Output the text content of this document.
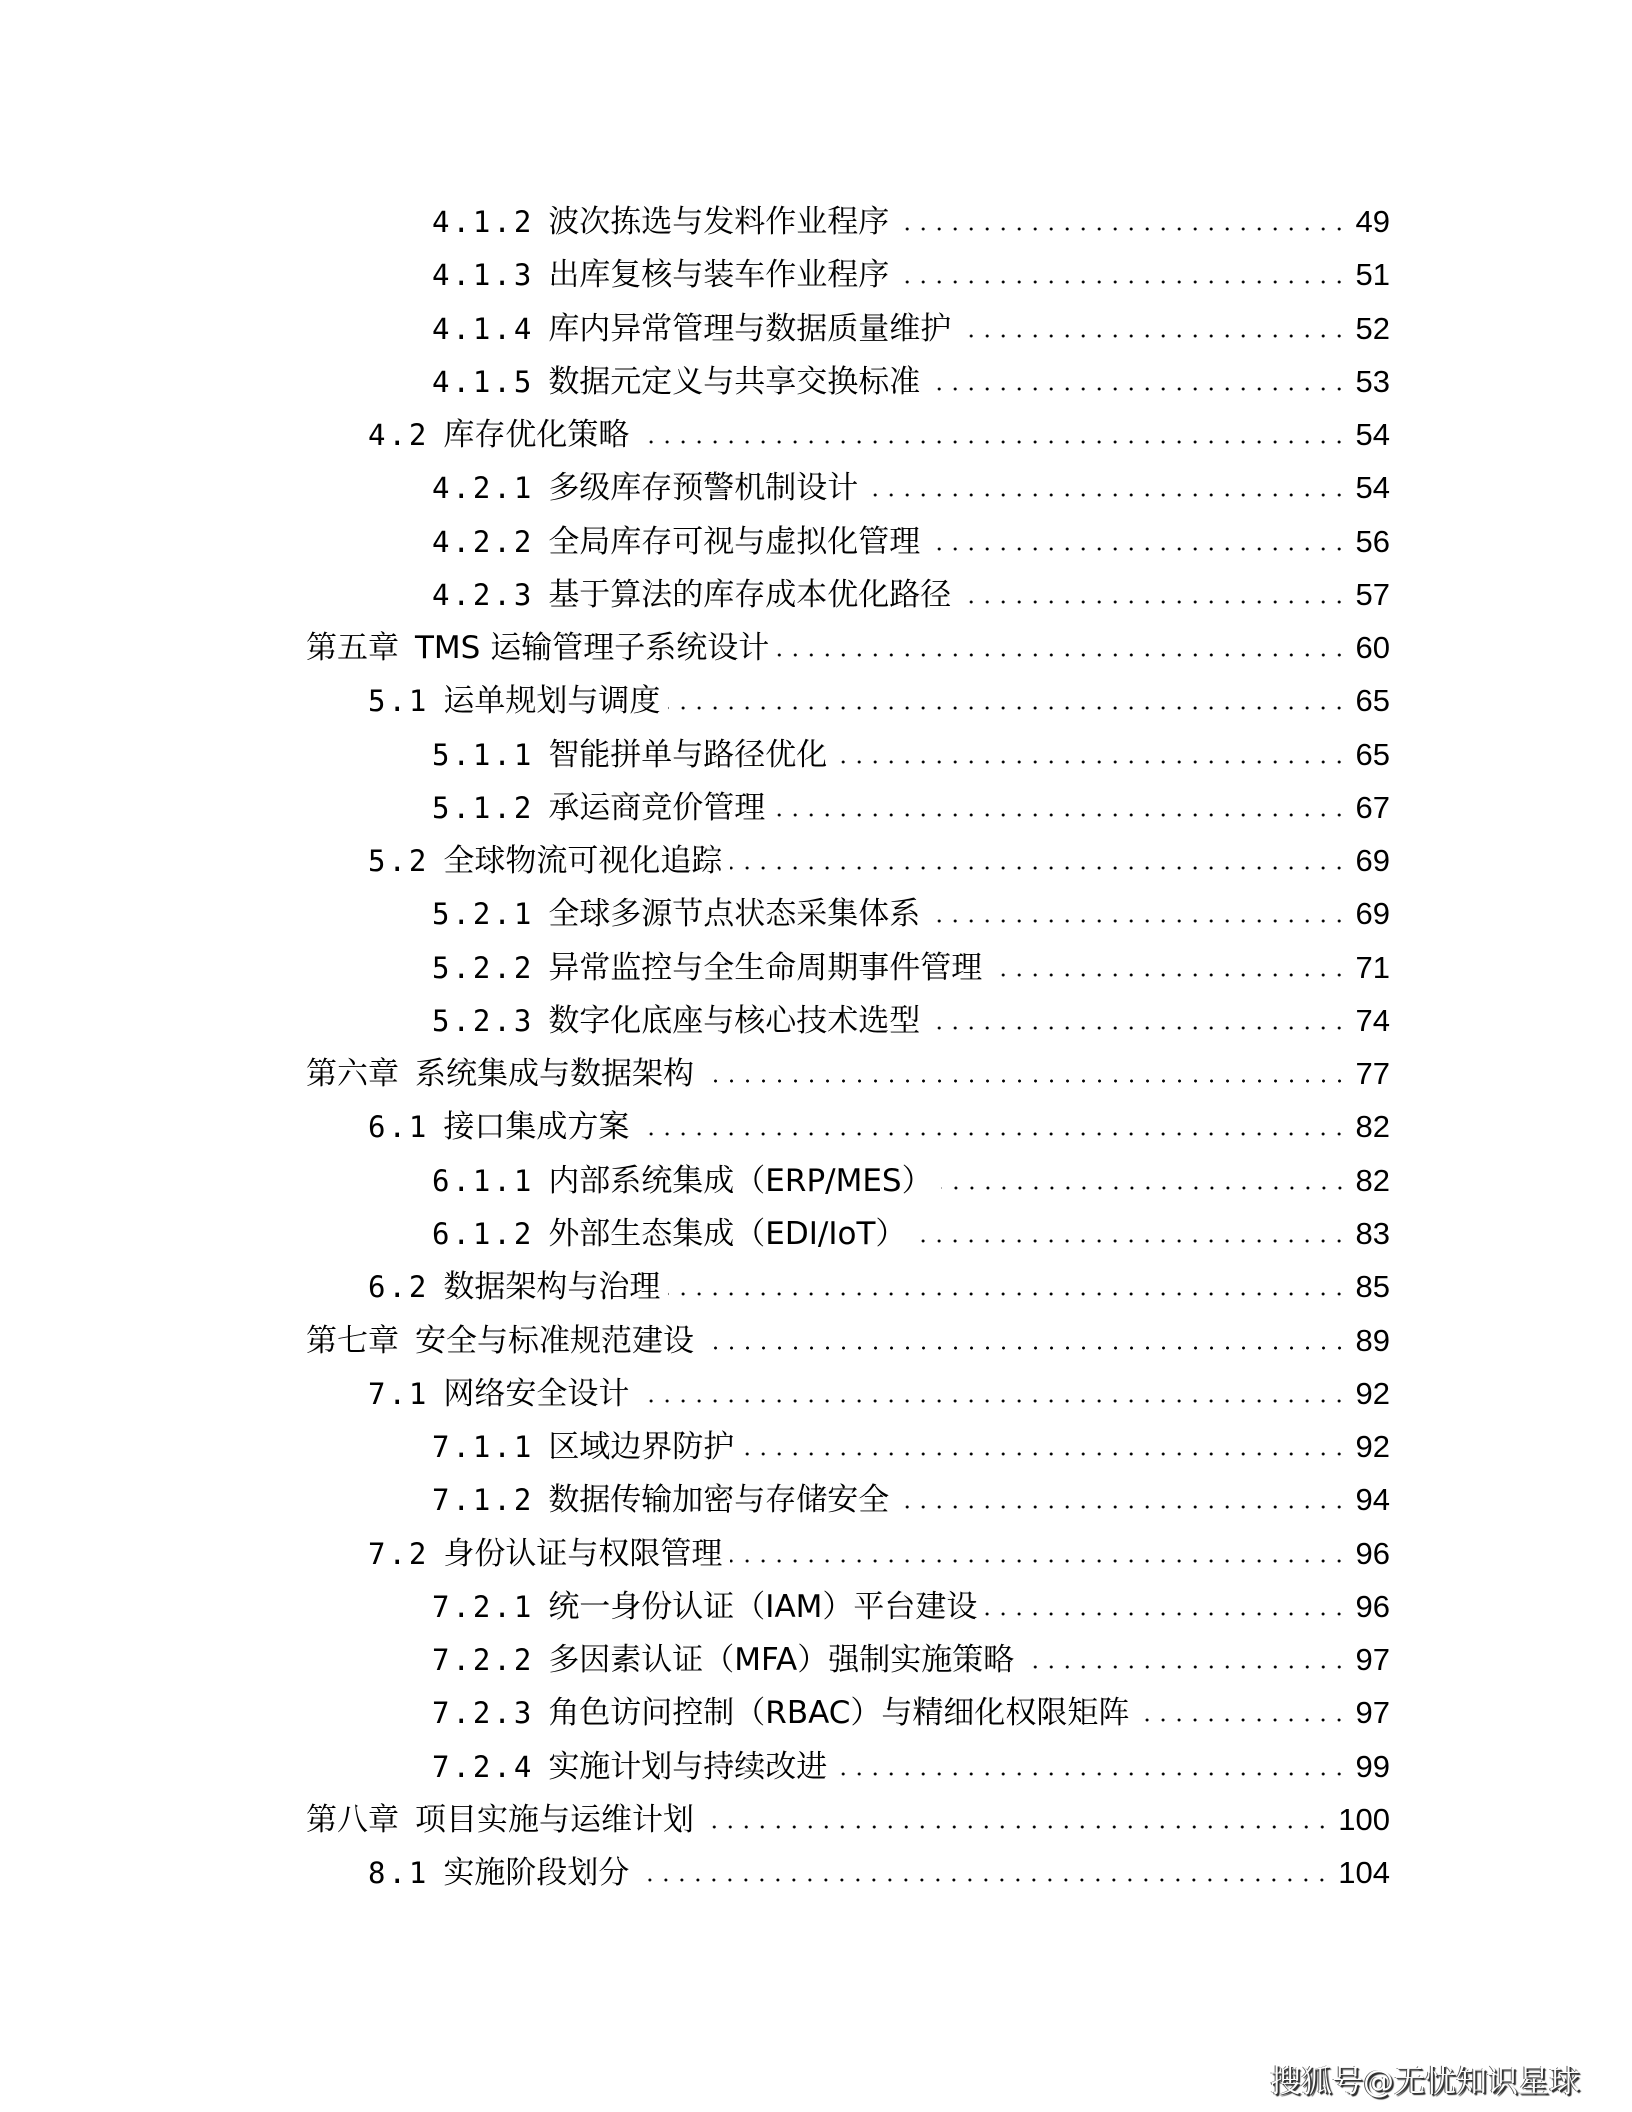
4.1.2 波次拣选与发料作业程序	49
4.1.3 出库复核与装车作业程序	51
4.1.4 库内异常管理与数据质量维护	52
4.1.5 数据元定义与共享交换标准	53
4.2 库存优化策略	54
4.2.1 多级库存预警机制设计	54
4.2.2 全局库存可视与虚拟化管理	56
4.2.3 基于算法的库存成本优化路径	57
第五章 TMS 运输管理子系统设计	60
5.1 运单规划与调度	65
5.1.1 智能拼单与路径优化	65
5.1.2 承运商竞价管理	67
5.2 全球物流可视化追踪	69
5.2.1 全球多源节点状态采集体系	69
5.2.2 异常监控与全生命周期事件管理	71
5.2.3 数字化底座与核心技术选型	74
第六章 系统集成与数据架构	77
6.1 接口集成方案	82
6.1.1 内部系统集成（ERP/MES）	82
6.1.2 外部生态集成（EDI/IoT）	83
6.2 数据架构与治理	85
第七章 安全与标准规范建设	89
7.1 网络安全设计	92
7.1.1 区域边界防护	92
7.1.2 数据传输加密与存储安全	94
7.2 身份认证与权限管理	96
7.2.1 统一身份认证（IAM）平台建设	96
7.2.2 多因素认证（MFA）强制实施策略	97
7.2.3 角色访问控制（RBAC）与精细化权限矩阵	97
7.2.4 实施计划与持续改进	99
第八章 项目实施与运维计划	100
8.1 实施阶段划分	104
搜狐号@无忧知识星球
